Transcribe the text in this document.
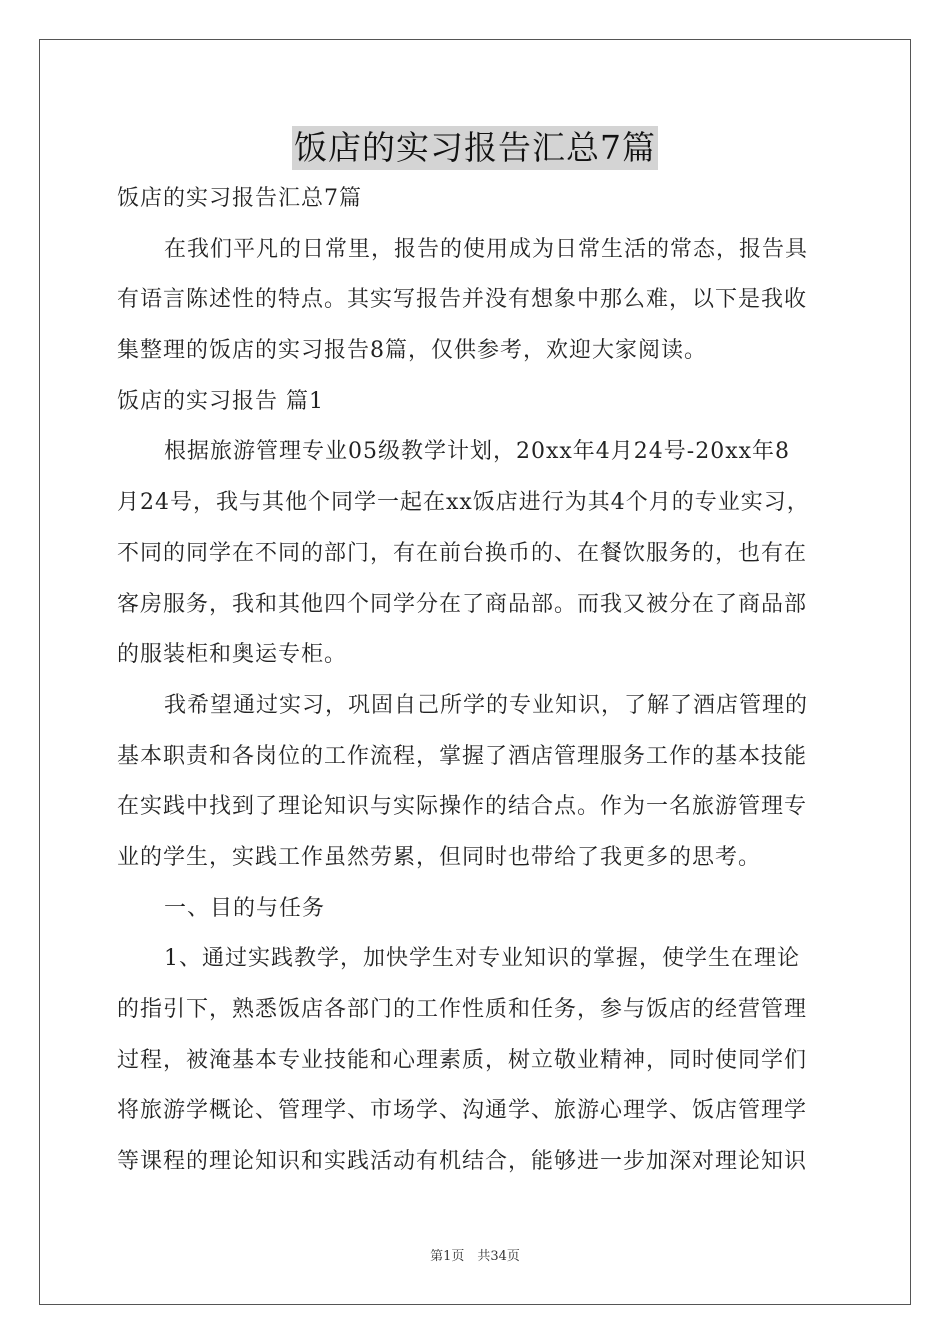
饭店的实习报告汇总7篇
饭店的实习报告汇总7篇
在我们平凡的日常里，报告的使用成为日常生活的常态，报告具
有语言陈述性的特点。其实写报告并没有想象中那么难，以下是我收
集整理的饭店的实习报告8篇，仅供参考，欢迎大家阅读。
饭店的实习报告 篇1
根据旅游管理专业05级教学计划，20xx年4月24号-20xx年8
月24号，我与其他个同学一起在xx饭店进行为其4个月的专业实习，
不同的同学在不同的部门，有在前台换币的、在餐饮服务的，也有在
客房服务，我和其他四个同学分在了商品部。而我又被分在了商品部
的服装柜和奥运专柜。
我希望通过实习，巩固自己所学的专业知识，了解了酒店管理的
基本职责和各岗位的工作流程，掌握了酒店管理服务工作的基本技能
在实践中找到了理论知识与实际操作的结合点。作为一名旅游管理专
业的学生，实践工作虽然劳累，但同时也带给了我更多的思考。
一、目的与任务
1、通过实践教学，加快学生对专业知识的掌握，使学生在理论
的指引下，熟悉饭店各部门的工作性质和任务，参与饭店的经营管理
过程，被淹基本专业技能和心理素质，树立敬业精神，同时使同学们
将旅游学概论、管理学、市场学、沟通学、旅游心理学、饭店管理学
等课程的理论知识和实践活动有机结合，能够进一步加深对理论知识
第1页　共34页
